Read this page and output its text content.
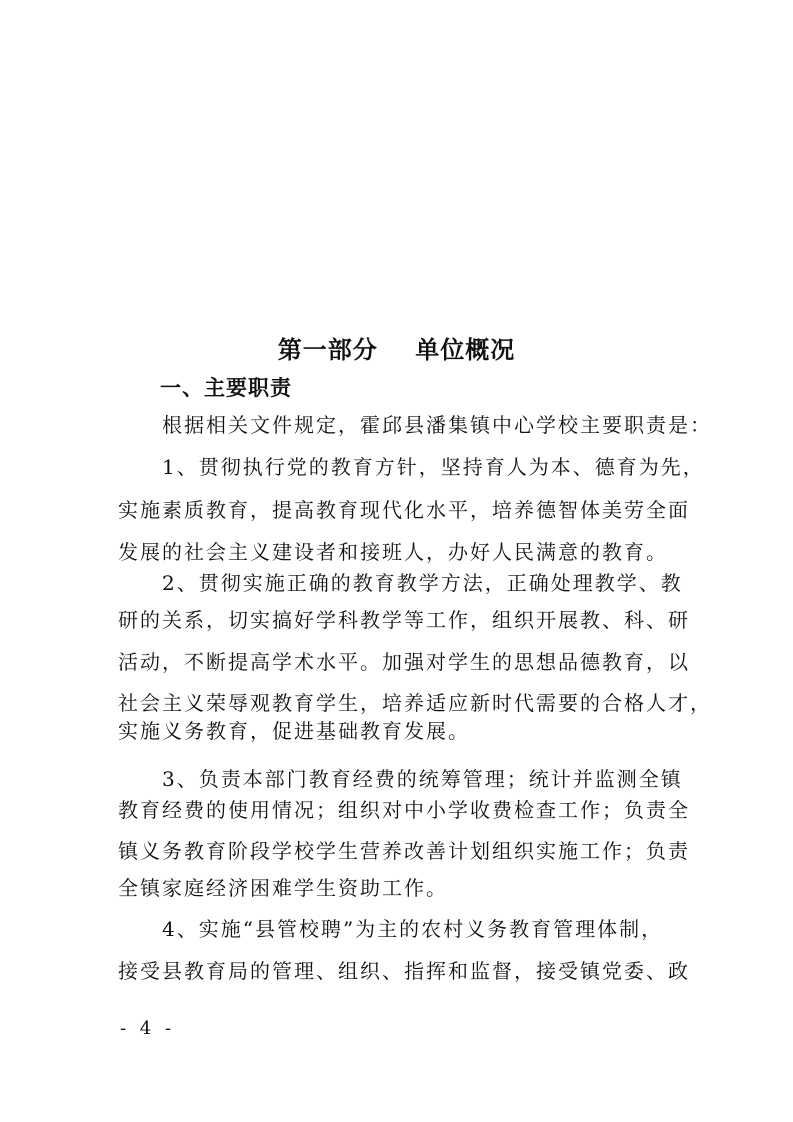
第一部分    单位概况
一、主要职责
根据相关文件规定，霍邱县潘集镇中心学校主要职责是：
1、贯彻执行党的教育方针，坚持育人为本、德育为先，
实施素质教育，提高教育现代化水平，培养德智体美劳全面
发展的社会主义建设者和接班人，办好人民满意的教育。
2、贯彻实施正确的教育教学方法，正确处理教学、教
研的关系，切实搞好学科教学等工作，组织开展教、科、研
活动，不断提高学术水平。加强对学生的思想品德教育，以
社会主义荣辱观教育学生，培养适应新时代需要的合格人才，
实施义务教育，促进基础教育发展。
3、负责本部门教育经费的统筹管理；统计并监测全镇
教育经费的使用情况；组织对中小学收费检查工作；负责全
镇义务教育阶段学校学生营养改善计划组织实施工作；负责
全镇家庭经济困难学生资助工作。
4、实施“县管校聘”为主的农村义务教育管理体制，
接受县教育局的管理、组织、指挥和监督，接受镇党委、政
- 4 -
